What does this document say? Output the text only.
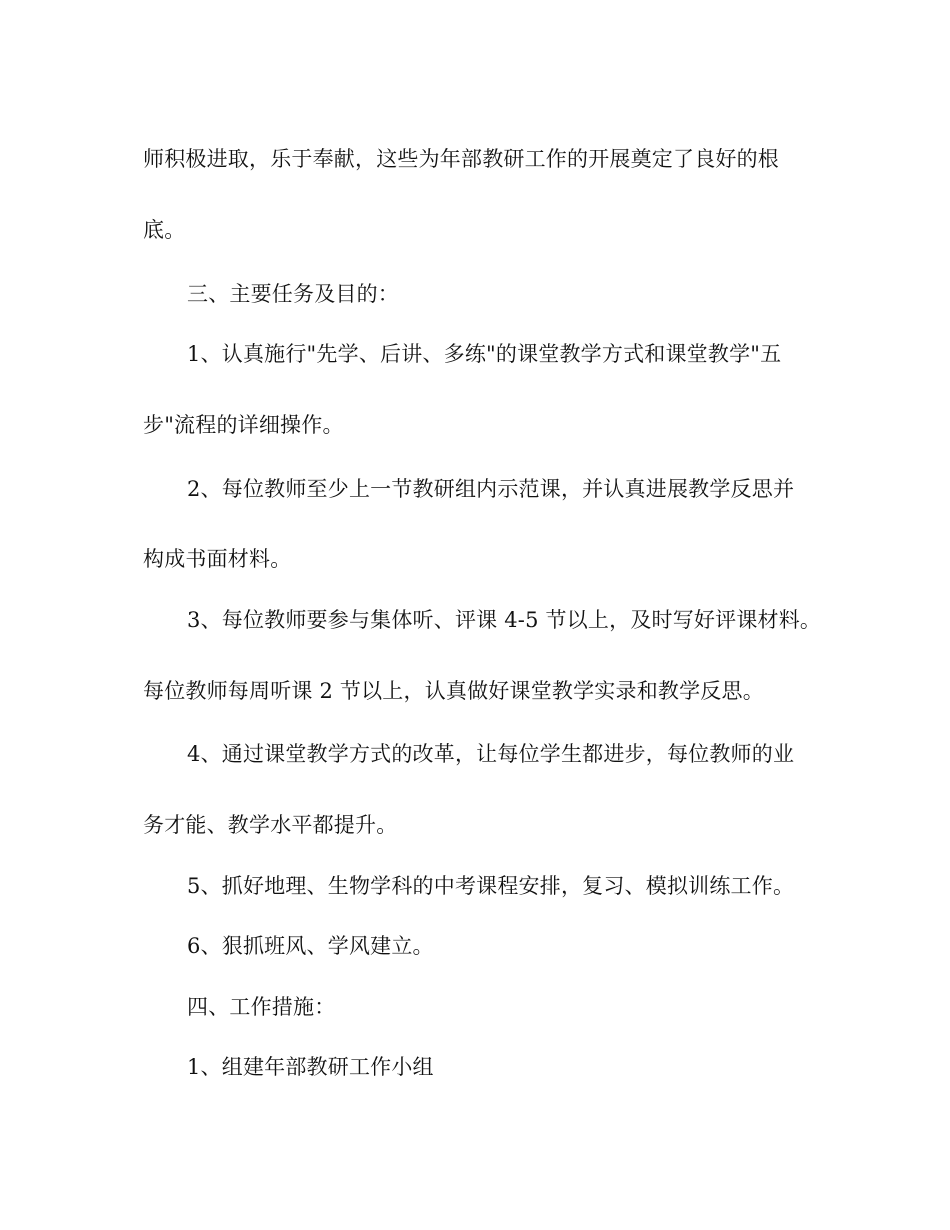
师积极进取，乐于奉献，这些为年部教研工作的开展奠定了良好的根
底。
三、主要任务及目的：
1、认真施行"先学、后讲、多练"的课堂教学方式和课堂教学"五
步"流程的详细操作。
2、每位教师至少上一节教研组内示范课，并认真进展教学反思并
构成书面材料。
3、每位教师要参与集体听、评课 4-5 节以上，及时写好评课材料。
每位教师每周听课 2 节以上，认真做好课堂教学实录和教学反思。
4、通过课堂教学方式的改革，让每位学生都进步，每位教师的业
务才能、教学水平都提升。
5、抓好地理、生物学科的中考课程安排，复习、模拟训练工作。
6、狠抓班风、学风建立。
四、工作措施：
1、组建年部教研工作小组
